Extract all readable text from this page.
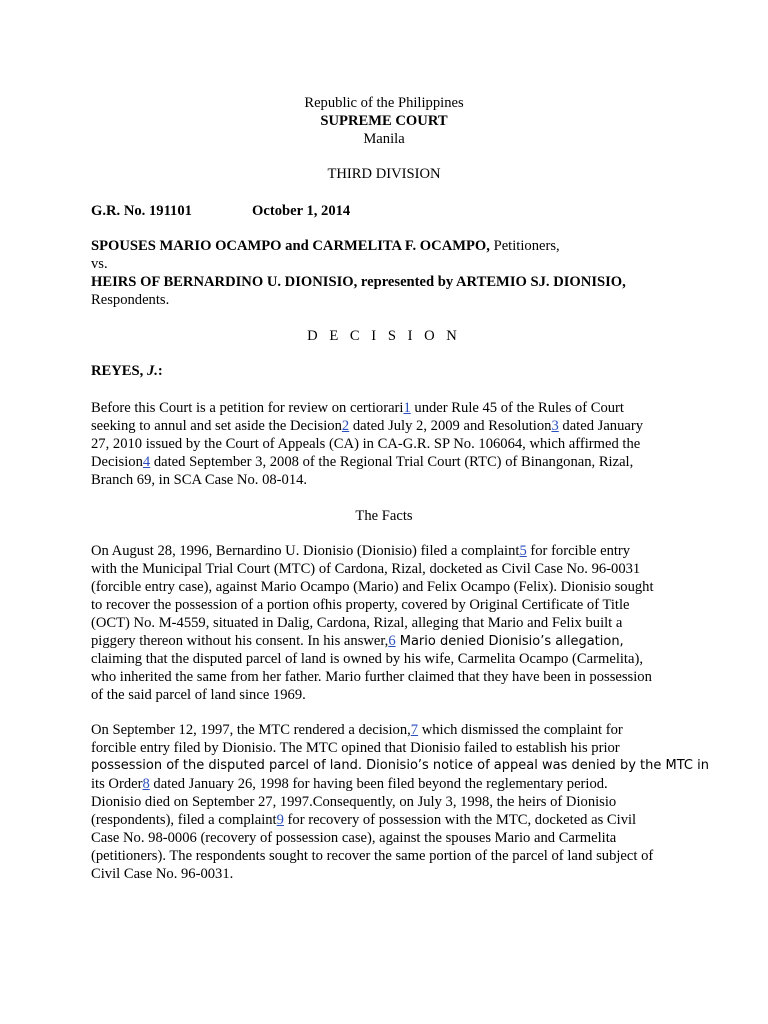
Republic of the Philippines
SUPREME COURT
Manila
THIRD DIVISION
G.R. No. 191101	October 1, 2014
SPOUSES MARIO OCAMPO and CARMELITA F. OCAMPO, Petitioners,
vs.
HEIRS OF BERNARDINO U. DIONISIO, represented by ARTEMIO SJ. DIONISIO,
Respondents.
D E C I S I O N
REYES, J.:
Before this Court is a petition for review on certiorari1 under Rule 45 of the Rules of Court
seeking to annul and set aside the Decision2 dated July 2, 2009 and Resolution3 dated January
27, 2010 issued by the Court of Appeals (CA) in CA-G.R. SP No. 106064, which affirmed the
Decision4 dated September 3, 2008 of the Regional Trial Court (RTC) of Binangonan, Rizal,
Branch 69, in SCA Case No. 08-014.
The Facts
On August 28, 1996, Bernardino U. Dionisio (Dionisio) filed a complaint5 for forcible entry
with the Municipal Trial Court (MTC) of Cardona, Rizal, docketed as Civil Case No. 96-0031
(forcible entry case), against Mario Ocampo (Mario) and Felix Ocampo (Felix). Dionisio sought
to recover the possession of a portion ofhis property, covered by Original Certificate of Title
(OCT) No. M-4559, situated in Dalig, Cardona, Rizal, alleging that Mario and Felix built a
piggery thereon without his consent. In his answer,6 Mario denied Dionisio’s allegation,
claiming that the disputed parcel of land is owned by his wife, Carmelita Ocampo (Carmelita),
who inherited the same from her father. Mario further claimed that they have been in possession
of the said parcel of land since 1969.
On September 12, 1997, the MTC rendered a decision,7 which dismissed the complaint for
forcible entry filed by Dionisio. The MTC opined that Dionisio failed to establish his prior
possession of the disputed parcel of land. Dionisio’s notice of appeal was denied by the MTC in
its Order8 dated January 26, 1998 for having been filed beyond the reglementary period.
Dionisio died on September 27, 1997.Consequently, on July 3, 1998, the heirs of Dionisio
(respondents), filed a complaint9 for recovery of possession with the MTC, docketed as Civil
Case No. 98-0006 (recovery of possession case), against the spouses Mario and Carmelita
(petitioners). The respondents sought to recover the same portion of the parcel of land subject of
Civil Case No. 96-0031.
